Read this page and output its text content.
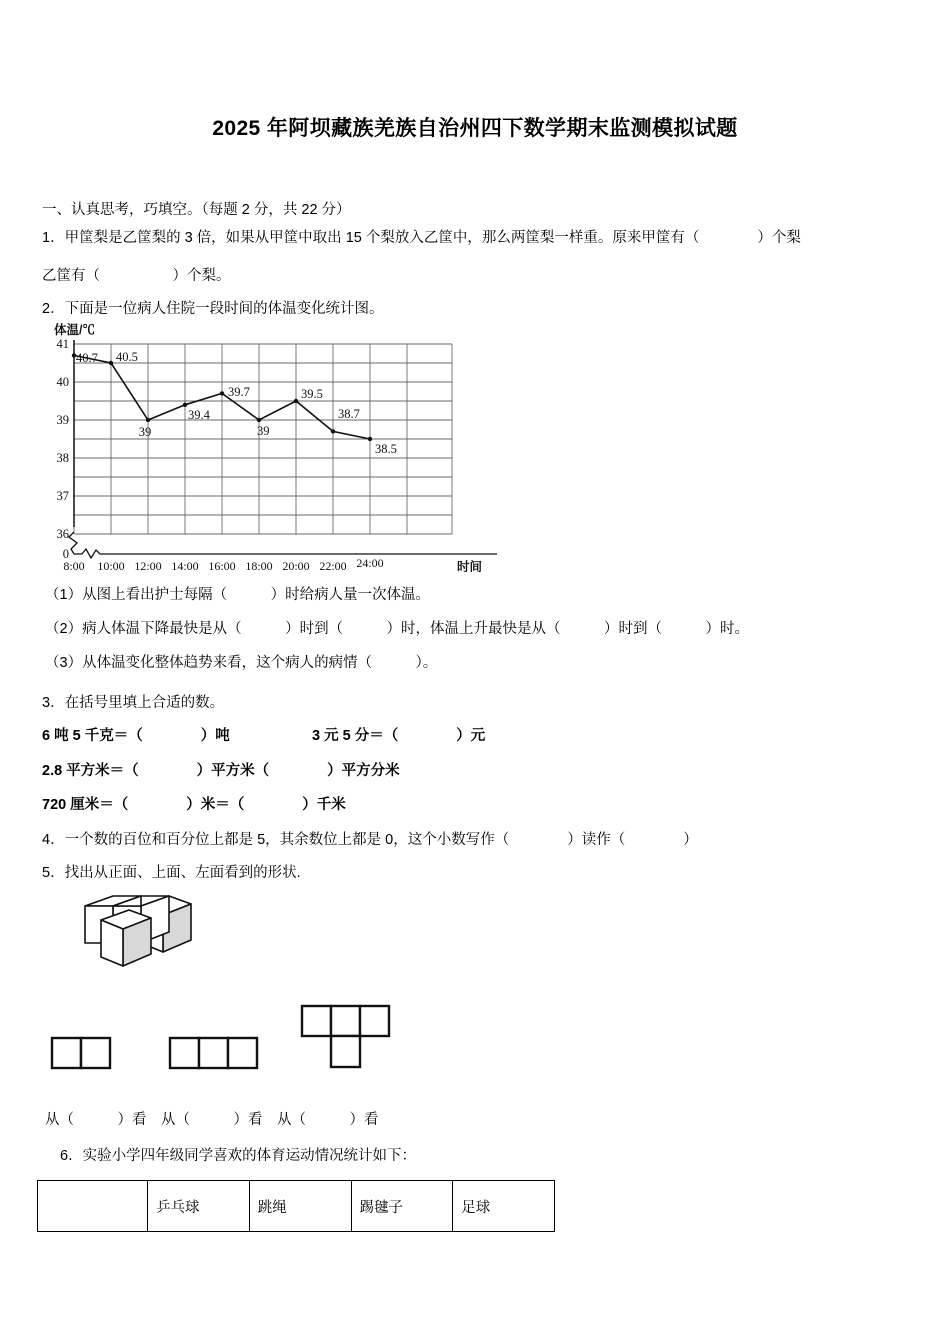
2025 年阿坝藏族羌族自治州四下数学期末监测模拟试题
一、认真思考，巧填空。（每题 2 分，共 22 分）
1．甲筐梨是乙筐梨的 3 倍，如果从甲筐中取出 15 个梨放入乙筐中，那么两筐梨一样重。原来甲筐有（　　　　）个梨
乙筐有（　　　　　）个梨。
2．下面是一位病人住院一段时间的体温变化统计图。
41
40
39
38
37
36
0
体温/℃
8:00 10:00 12:00 14:00 16:00 18:00 20:00 22:00 24:00	时间
40.7 40.5
39
39.4
39.7
39
39.5
38.7
38.5
（1）从图上看出护士每隔（　　　）时给病人量一次体温。
（2）病人体温下降最快是从（　　　）时到（　　　）时，体温上升最快是从（　　　）时到（　　　）时。
（3）从体温变化整体趋势来看，这个病人的病情（　　　）。
3．在括号里填上合适的数。
6 吨 5 千克＝（　　　　）吨	3 元 5 分＝（　　　　）元
2.8 平方米＝（　　　　）平方米（　　　　）平方分米
720 厘米＝（　　　　）米＝（　　　　）千米
4．一个数的百位和百分位上都是 5，其余数位上都是 0，这个小数写作（　　　　）读作（　　　　）
5．找出从正面、上面、左面看到的形状.
从（　　　）看　从（　　　）看　从（　　　）看
6．实验小学四年级同学喜欢的体育运动情况统计如下：
	乒乓球	跳绳	踢毽子	足球
